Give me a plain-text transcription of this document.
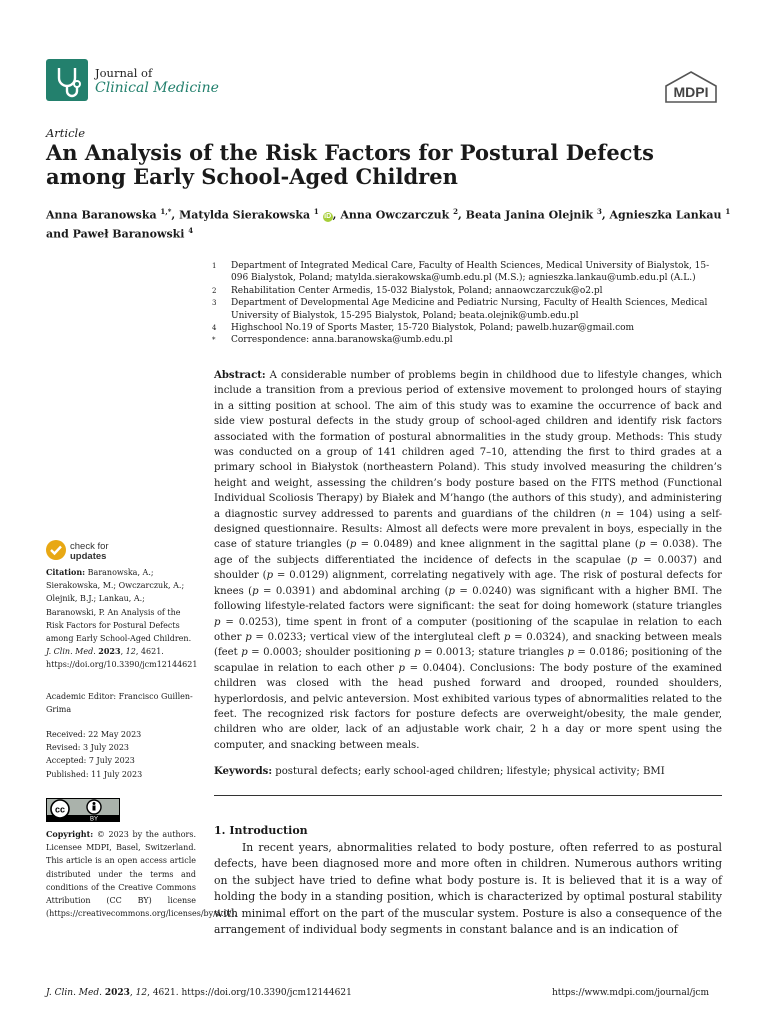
Journal of
Clinical Medicine	MDPI
Article
An Analysis of the Risk Factors for Postural Defects among Early School-Aged Children
Anna Baranowska $^{1,*}$, Matylda Sierakowska $^1$ iD , Anna Owczarczuk $^2$, Beata Janina Olejnik $^3$, Agnieszka Lankau $^1$
and Paweł Baranowski $^4$
1	Department of Integrated Medical Care, Faculty of Health Sciences, Medical University of Bialystok, 15-096 Bialystok, Poland; matylda.sierakowska@umb.edu.pl (M.S.); agnieszka.lankau@umb.edu.pl (A.L.)
2	Rehabilitation Center Armedis, 15-032 Bialystok, Poland; annaowczarczuk@o2.pl
3	Department of Developmental Age Medicine and Pediatric Nursing, Faculty of Health Sciences, Medical University of Bialystok, 15-295 Bialystok, Poland; beata.olejnik@umb.edu.pl
4	Highschool No.19 of Sports Master, 15-720 Bialystok, Poland; pawelb.huzar@gmail.com
*	Correspondence: anna.baranowska@umb.edu.pl
Abstract: A considerable number of problems begin in childhood due to lifestyle changes, which include a transition from a previous period of extensive movement to prolonged hours of staying in a sitting position at school. The aim of this study was to examine the occurrence of back and side view postural defects in the study group of school-aged children and identify risk factors associated with the formation of postural abnormalities in the study group. Methods: This study was conducted on a group of 141 children aged 7–10, attending the first to third grades at a primary school in Białystok (northeastern Poland). This study involved measuring the children’s height and weight, assessing the children’s body posture based on the FITS method (Functional Individual Scoliosis Therapy) by Białek and M’hango (the authors of this study), and administering a diagnostic survey addressed to parents and guardians of the children (n = 104) using a self-designed questionnaire. Results: Almost all defects were more prevalent in boys, especially in the case of stature triangles (p = 0.0489) and knee alignment in the sagittal plane (p = 0.038). The age of the subjects differentiated the incidence of defects in the scapulae (p = 0.0037) and shoulder (p = 0.0129) alignment, correlating negatively with age. The risk of postural defects for knees (p = 0.0391) and abdominal arching (p = 0.0240) was significant with a higher BMI. The following lifestyle-related factors were significant: the seat for doing homework (stature triangles p = 0.0253), time spent in front of a computer (positioning of the scapulae in relation to each other p = 0.0233; vertical view of the intergluteal cleft p = 0.0324), and snacking between meals (feet p = 0.0003; shoulder positioning p = 0.0013; stature triangles p = 0.0186; positioning of the scapulae in relation to each other p = 0.0404). Conclusions: The body posture of the examined children was closed with the head pushed forward and drooped, rounded shoulders, hyperlordosis, and pelvic anteversion. Most exhibited various types of abnormalities related to the feet. The recognized risk factors for posture defects are overweight/obesity, the male gender, children who are older, lack of an adjustable work chair, 2 h a day or more spent using the computer, and snacking between meals.
Keywords: postural defects; early school-aged children; lifestyle; physical activity; BMI
check for
updates
Citation: Baranowska, A.; Sierakowska, M.; Owczarczuk, A.; Olejnik, B.J.; Lankau, A.; Baranowski, P. An Analysis of the Risk Factors for Postural Defects among Early School-Aged Children. J. Clin. Med. 2023, 12, 4621. https://doi.org/10.3390/jcm12144621
Academic Editor: Francisco Guillen-Grima
Received: 22 May 2023
Revised: 3 July 2023
Accepted: 7 July 2023
Published: 11 July 2023
cc
BY
Copyright: © 2023 by the authors. Licensee MDPI, Basel, Switzerland. This article is an open access article distributed under the terms and conditions of the Creative Commons Attribution (CC BY) license (https://creativecommons.org/licenses/by/4.0/).
1. Introduction
In recent years, abnormalities related to body posture, often referred to as postural defects, have been diagnosed more and more often in children. Numerous authors writing on the subject have tried to define what body posture is. It is believed that it is a way of holding the body in a standing position, which is characterized by optimal postural stability with minimal effort on the part of the muscular system. Posture is also a consequence of the arrangement of individual body segments in constant balance and is an indication of
J. Clin. Med. 2023, 12, 4621. https://doi.org/10.3390/jcm12144621	https://www.mdpi.com/journal/jcm
